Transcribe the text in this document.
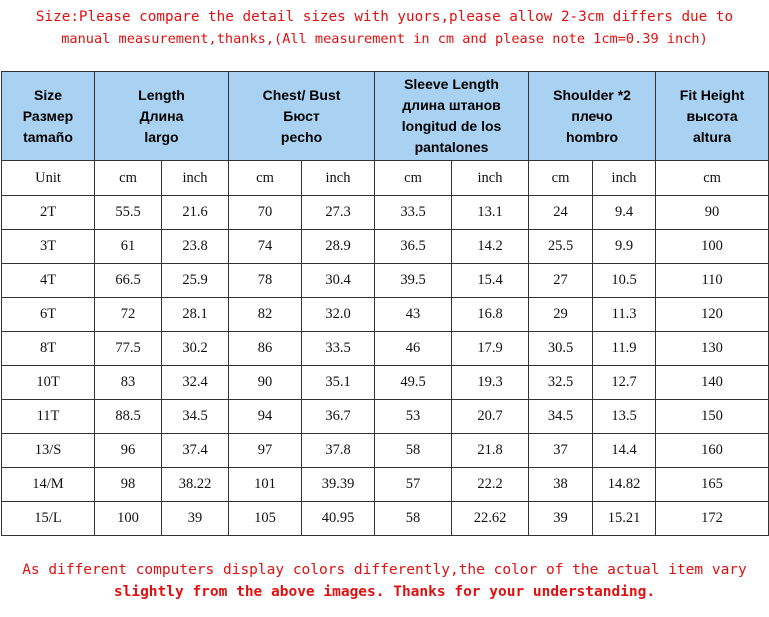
Size:Please compare the detail sizes with yuors,please allow 2-3cm differs due to
manual measurement,thanks,(All measurement in cm and please note 1cm=0.39 inch)
Size
Размер
tamaño	Length
Длина
largo		Chest/ Bust
Бюст
pecho		Sleeve Length
длина штанов
longitud de los
pantalones		Shoulder *2
плечо
hombro		Fit Height
высота
altura

Unit	cm	inch	cm	inch	cm	inch	cm	inch	cm
2T	55.5	21.6	70	27.3	33.5	13.1	24	9.4	90
3T	61	23.8	74	28.9	36.5	14.2	25.5	9.9	100
4T	66.5	25.9	78	30.4	39.5	15.4	27	10.5	110
6T	72	28.1	82	32.0	43	16.8	29	11.3	120
8T	77.5	30.2	86	33.5	46	17.9	30.5	11.9	130
10T	83	32.4	90	35.1	49.5	19.3	32.5	12.7	140
11T	88.5	34.5	94	36.7	53	20.7	34.5	13.5	150
13/S	96	37.4	97	37.8	58	21.8	37	14.4	160
14/M	98	38.22	101	39.39	57	22.2	38	14.82	165
15/L	100	39	105	40.95	58	22.62	39	15.21	172
As different computers display colors differently,the color of the actual item vary
slightly from the above images. Thanks for your understanding.
